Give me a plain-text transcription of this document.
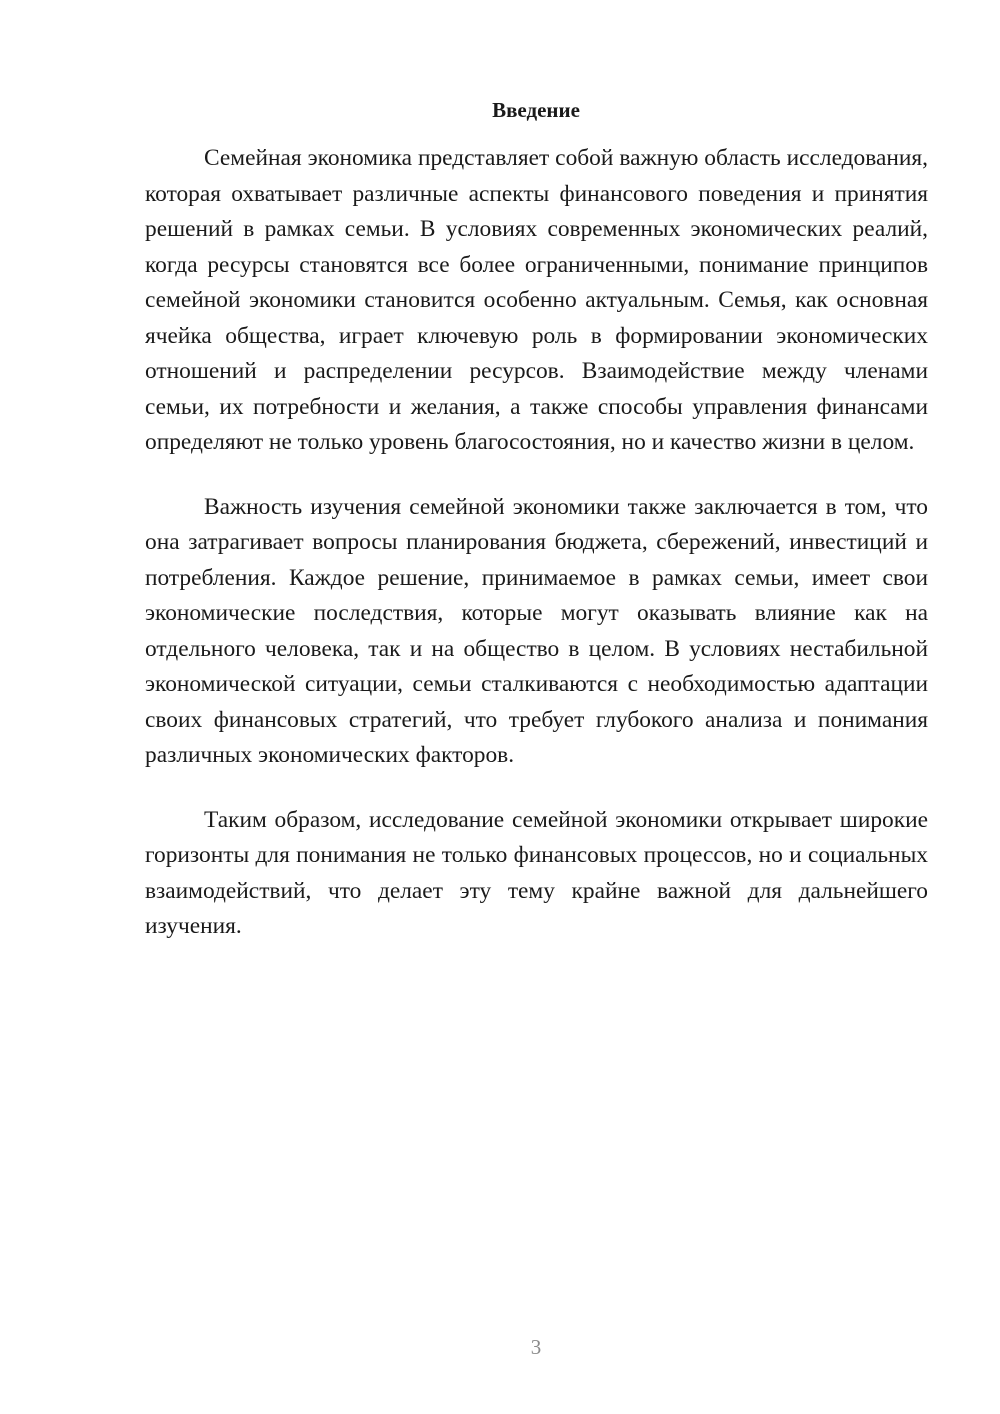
Введение

Семейная экономика представляет собой важную область исследования, которая охватывает различные аспекты финансового поведения и принятия решений в рамках семьи. В условиях современных экономических реалий, когда ресурсы становятся все более ограниченными, понимание принципов семейной экономики становится особенно актуальным. Семья, как основная ячейка общества, играет ключевую роль в формировании экономических отношений и распределении ресурсов. Взаимодействие между членами семьи, их потребности и желания, а также способы управления финансами определяют не только уровень благосостояния, но и качество жизни в целом.

Важность изучения семейной экономики также заключается в том, что она затрагивает вопросы планирования бюджета, сбережений, инвестиций и потребления. Каждое решение, принимаемое в рамках семьи, имеет свои экономические последствия, которые могут оказывать влияние как на отдельного человека, так и на общество в целом. В условиях нестабильной экономической ситуации, семьи сталкиваются с необходимостью адаптации своих финансовых стратегий, что требует глубокого анализа и понимания различных экономических факторов.

Таким образом, исследование семейной экономики открывает широкие горизонты для понимания не только финансовых процессов, но и социальных взаимодействий, что делает эту тему крайне важной для дальнейшего изучения.

3
